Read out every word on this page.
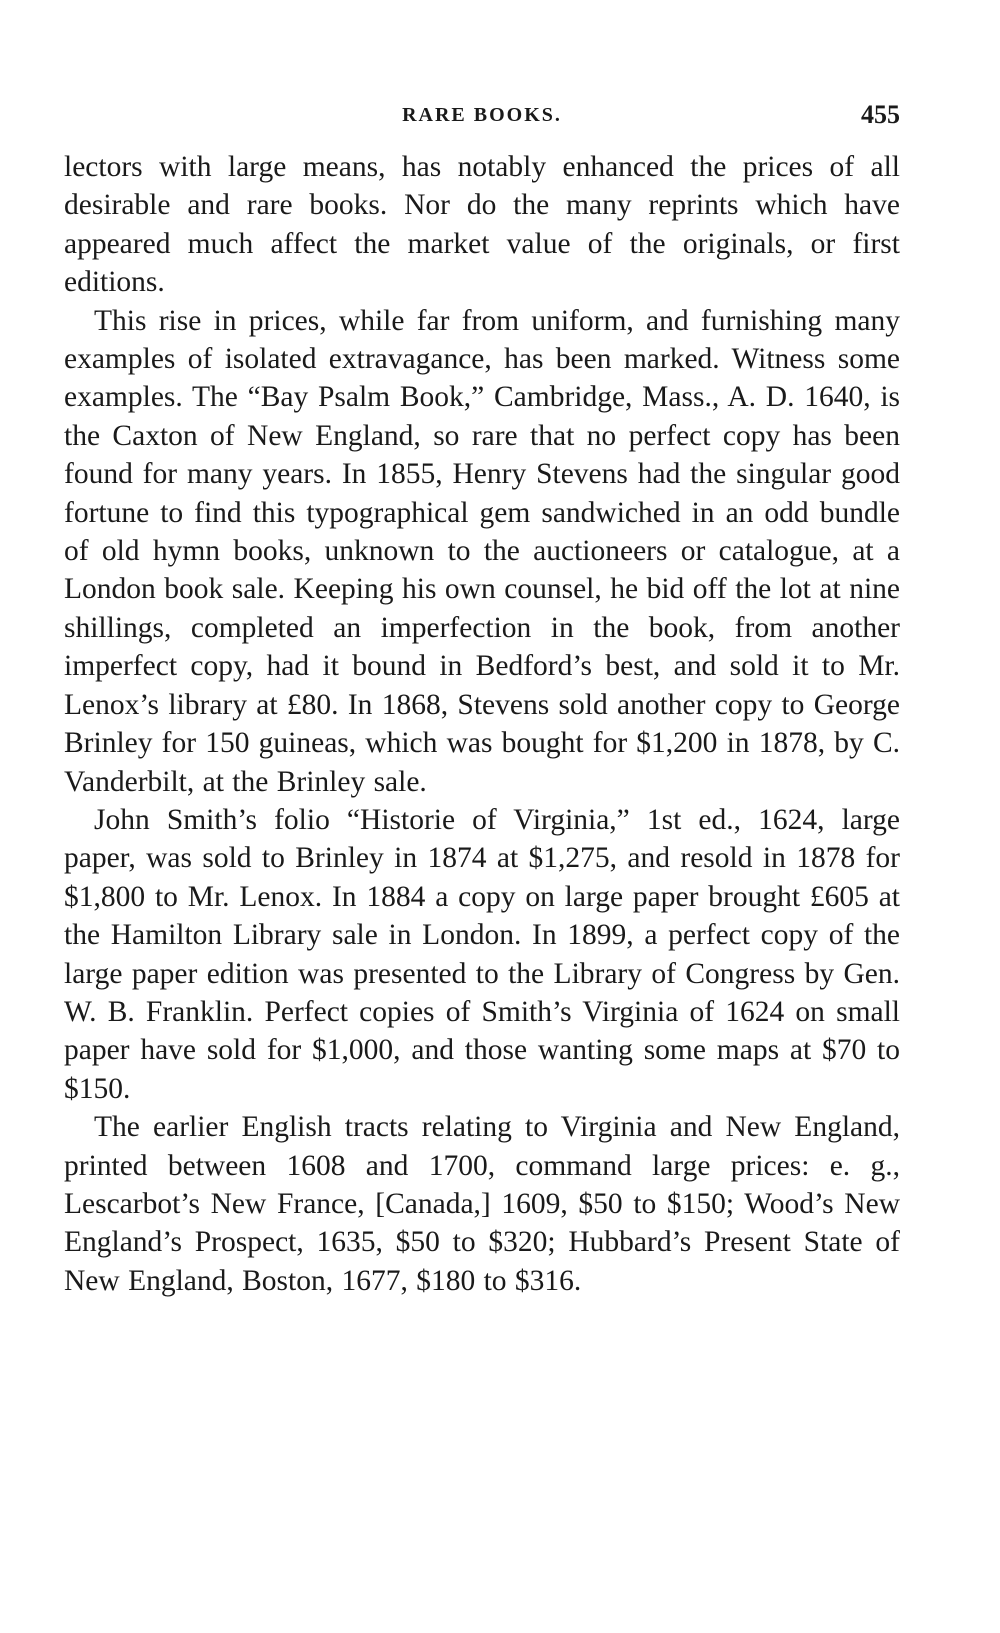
RARE BOOKS.	455

lectors with large means, has notably enhanced the prices of all desirable and rare books. Nor do the many reprints which have appeared much affect the market value of the originals, or first editions.

This rise in prices, while far from uniform, and furnishing many examples of isolated extravagance, has been marked. Witness some examples. The “Bay Psalm Book,” Cambridge, Mass., A. D. 1640, is the Caxton of New England, so rare that no perfect copy has been found for many years. In 1855, Henry Stevens had the singular good fortune to find this typographical gem sandwiched in an odd bundle of old hymn books, unknown to the auctioneers or catalogue, at a London book sale. Keeping his own counsel, he bid off the lot at nine shillings, completed an imperfection in the book, from another imperfect copy, had it bound in Bedford’s best, and sold it to Mr. Lenox’s library at £80. In 1868, Stevens sold another copy to George Brinley for 150 guineas, which was bought for $1,200 in 1878, by C. Vanderbilt, at the Brinley sale.

John Smith’s folio “Historie of Virginia,” 1st ed., 1624, large paper, was sold to Brinley in 1874 at $1,275, and resold in 1878 for $1,800 to Mr. Lenox. In 1884 a copy on large paper brought £605 at the Hamilton Library sale in London. In 1899, a perfect copy of the large paper edition was presented to the Library of Congress by Gen. W. B. Franklin. Perfect copies of Smith’s Virginia of 1624 on small paper have sold for $1,000, and those wanting some maps at $70 to $150.

The earlier English tracts relating to Virginia and New England, printed between 1608 and 1700, command large prices: e. g., Lescarbot’s New France, [Canada,] 1609, $50 to $150; Wood’s New England’s Prospect, 1635, $50 to $320; Hubbard’s Present State of New England, Boston, 1677, $180 to $316.
